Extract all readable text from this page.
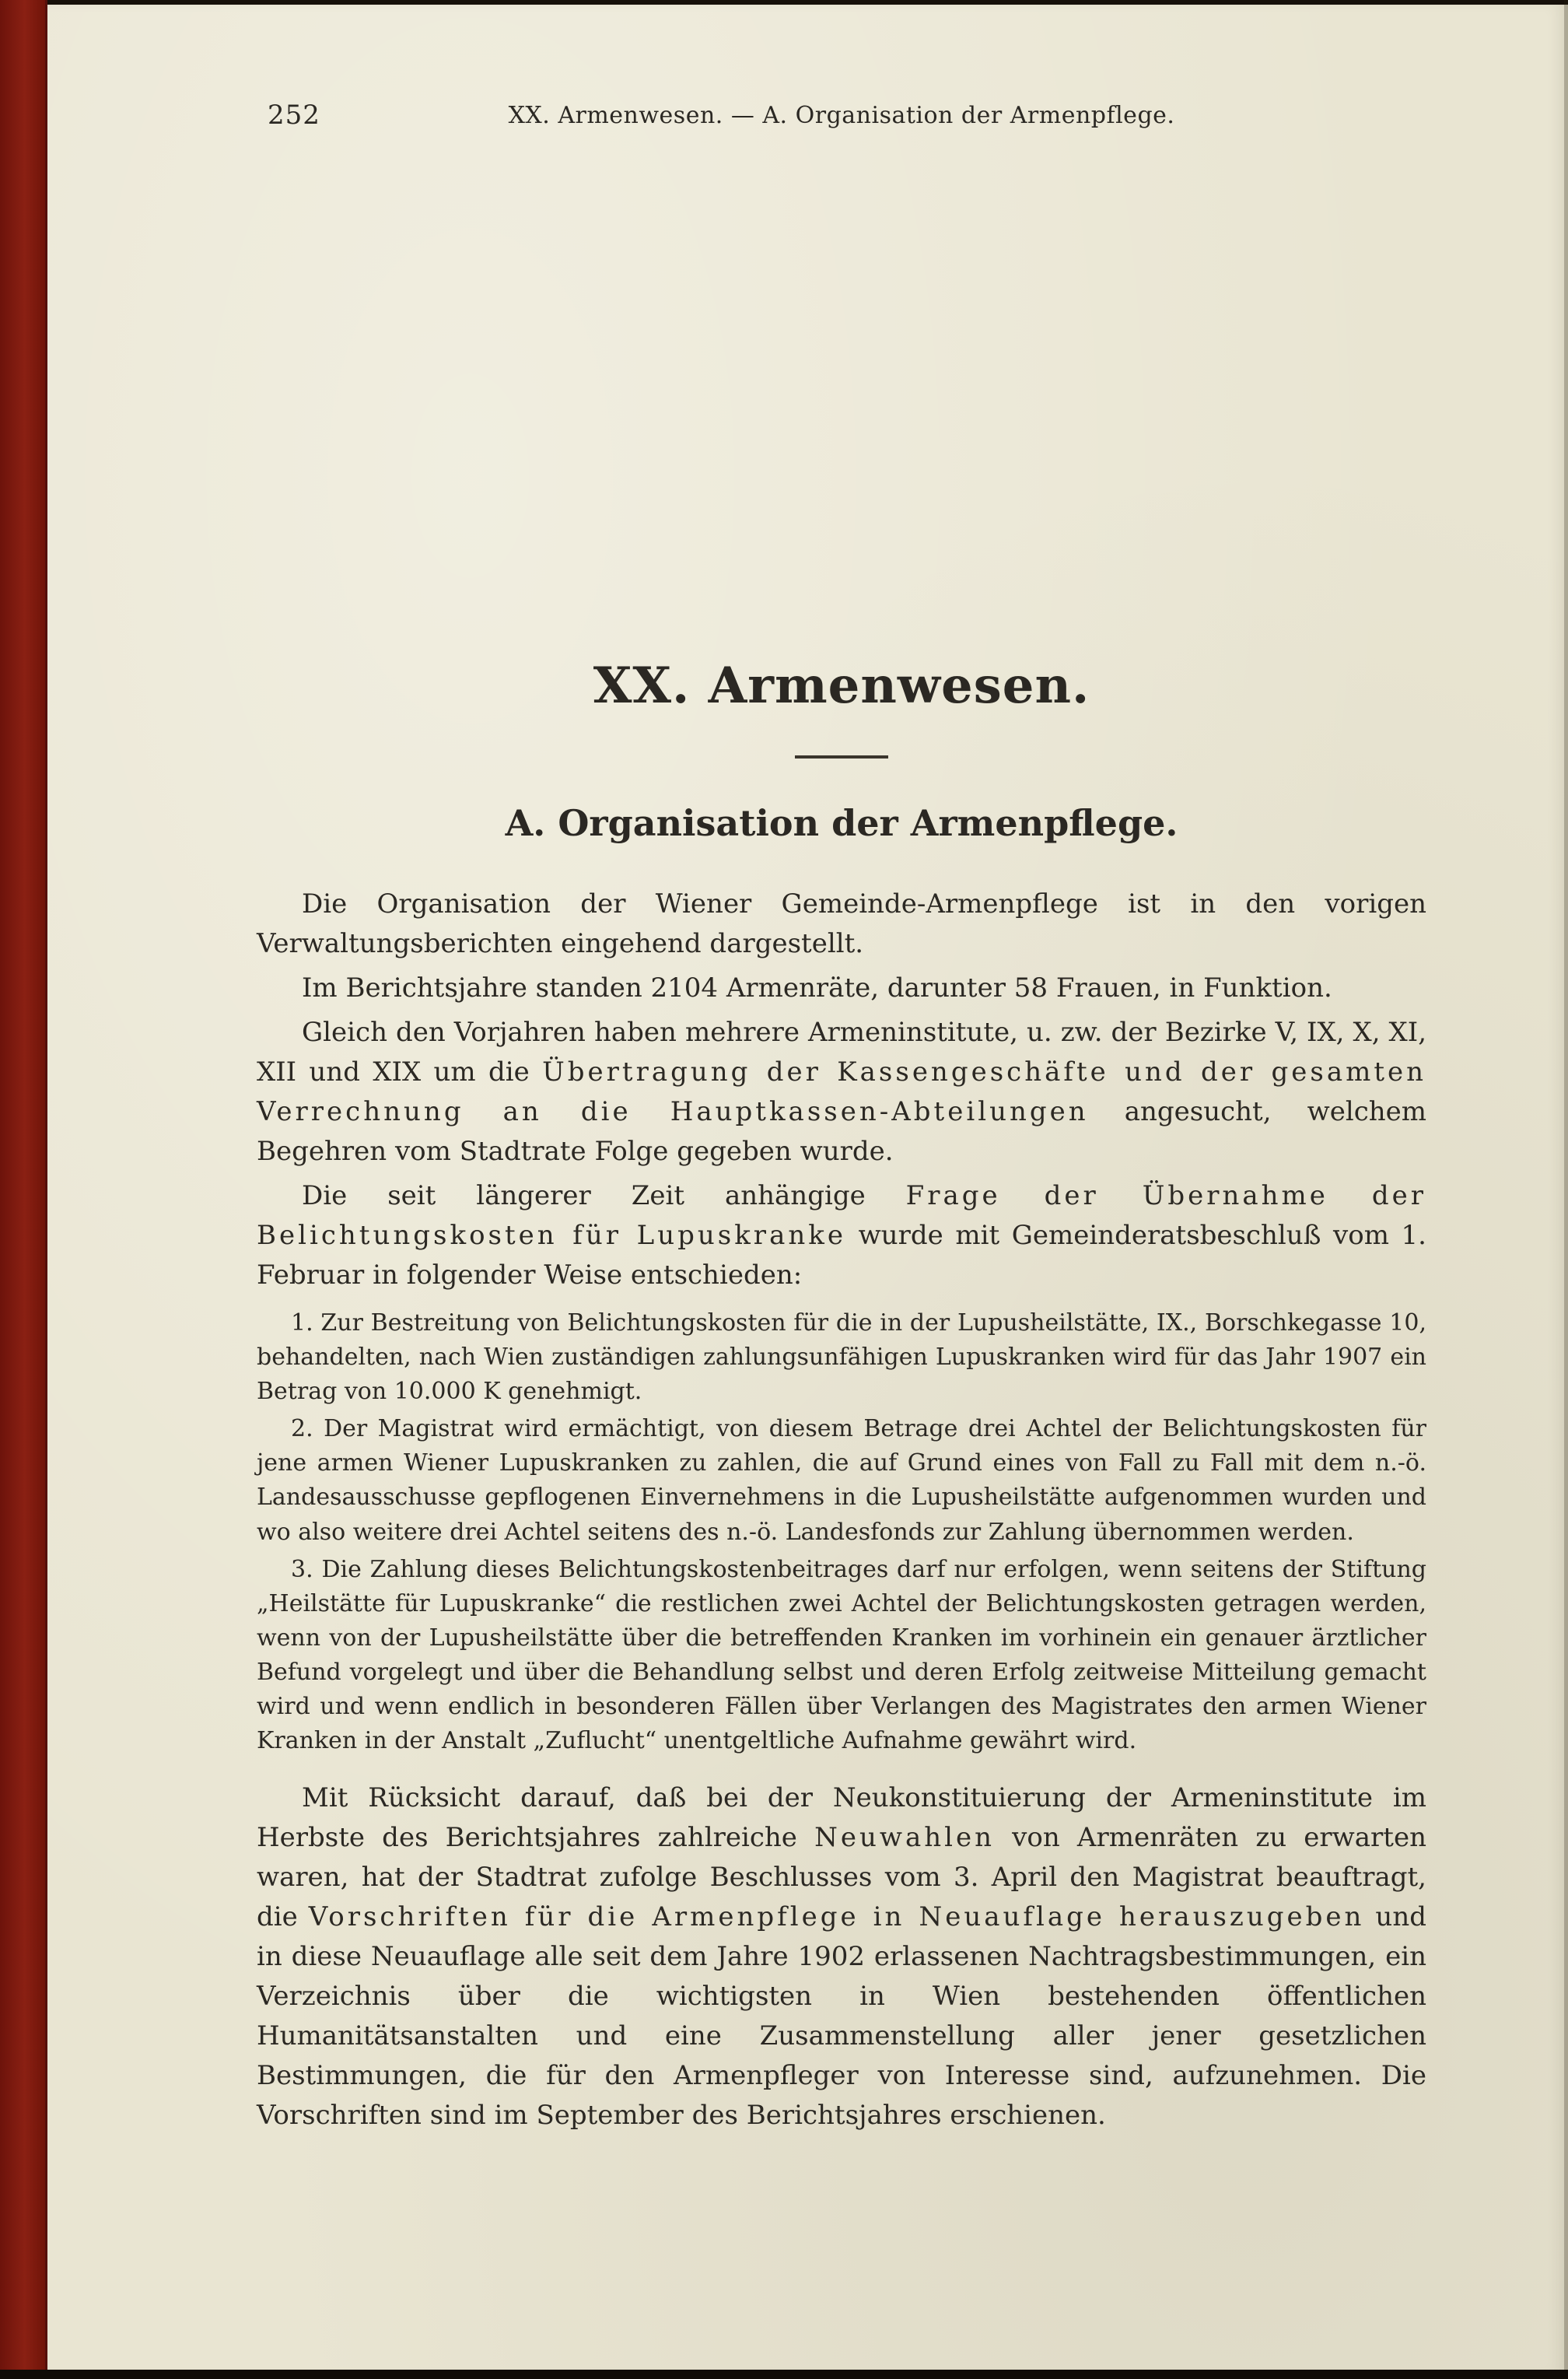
252	XX. Armenwesen. — A. Organisation der Armenpflege.
XX. Armenwesen.
A. Organisation der Armenpflege.

Die Organisation der Wiener Gemeinde-Armenpflege ist in den vorigen Verwaltungsberichten eingehend dargestellt.

Im Berichtsjahre standen 2104 Armenräte, darunter 58 Frauen, in Funktion.

Gleich den Vorjahren haben mehrere Armeninstitute, u. zw. der Bezirke V, IX, X, XI, XII und XIX um die Übertragung der Kassengeschäfte und der gesamten Verrechnung an die Hauptkassen-Abteilungen angesucht, welchem Begehren vom Stadtrate Folge gegeben wurde.

Die seit längerer Zeit anhängige Frage der Übernahme der Belichtungskosten für Lupuskranke wurde mit Gemeinderatsbeschluß vom 1. Februar in folgender Weise entschieden:

1. Zur Bestreitung von Belichtungskosten für die in der Lupusheilstätte, IX., Borschkegasse 10, behandelten, nach Wien zuständigen zahlungsunfähigen Lupuskranken wird für das Jahr 1907 ein Betrag von 10.000 K genehmigt.

2. Der Magistrat wird ermächtigt, von diesem Betrage drei Achtel der Belichtungskosten für jene armen Wiener Lupuskranken zu zahlen, die auf Grund eines von Fall zu Fall mit dem n.-ö. Landesausschusse gepflogenen Einvernehmens in die Lupusheilstätte aufgenommen wurden und wo also weitere drei Achtel seitens des n.-ö. Landesfonds zur Zahlung übernommen werden.

3. Die Zahlung dieses Belichtungskostenbeitrages darf nur erfolgen, wenn seitens der Stiftung „Heilstätte für Lupuskranke“ die restlichen zwei Achtel der Belichtungskosten getragen werden, wenn von der Lupusheilstätte über die betreffenden Kranken im vorhinein ein genauer ärztlicher Befund vorgelegt und über die Behandlung selbst und deren Erfolg zeitweise Mitteilung gemacht wird und wenn endlich in besonderen Fällen über Verlangen des Magistrates den armen Wiener Kranken in der Anstalt „Zuflucht“ unentgeltliche Aufnahme gewährt wird.

Mit Rücksicht darauf, daß bei der Neukonstituierung der Armeninstitute im Herbste des Berichtsjahres zahlreiche Neuwahlen von Armenräten zu erwarten waren, hat der Stadtrat zufolge Beschlusses vom 3. April den Magistrat beauftragt, die Vorschriften für die Armenpflege in Neuauflage herauszugeben und in diese Neuauflage alle seit dem Jahre 1902 erlassenen Nachtragsbestimmungen, ein Verzeichnis über die wichtigsten in Wien bestehenden öffentlichen Humanitätsanstalten und eine Zusammenstellung aller jener gesetzlichen Bestimmungen, die für den Armenpfleger von Interesse sind, aufzunehmen. Die Vorschriften sind im September des Berichtsjahres erschienen.
